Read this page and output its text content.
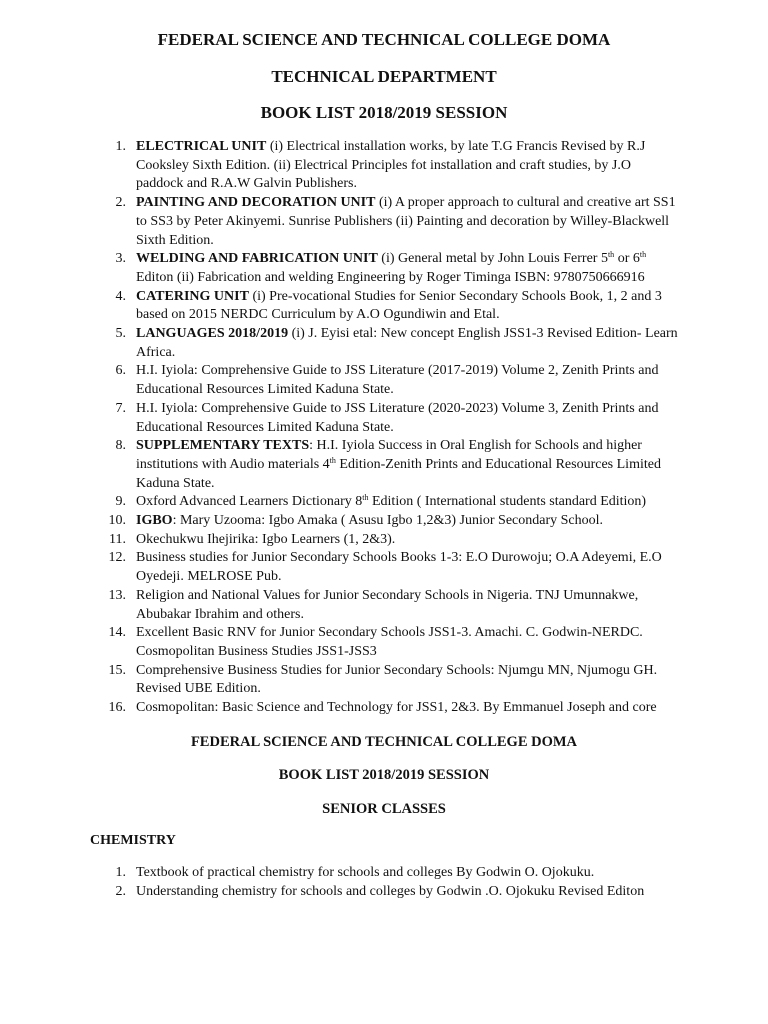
FEDERAL SCIENCE AND TECHNICAL COLLEGE DOMA
TECHNICAL DEPARTMENT
BOOK LIST 2018/2019 SESSION
1. ELECTRICAL UNIT (i) Electrical installation works, by late T.G Francis Revised by R.J Cooksley Sixth Edition. (ii) Electrical Principles fot installation and craft studies, by J.O paddock and R.A.W Galvin Publishers.
2. PAINTING AND DECORATION UNIT (i) A proper approach to cultural and creative art SS1 to SS3 by Peter Akinyemi. Sunrise Publishers (ii) Painting and decoration by Willey-Blackwell Sixth Edition.
3. WELDING AND FABRICATION UNIT (i) General metal by John Louis Ferrer 5th or 6th Editon (ii) Fabrication and welding Engineering by Roger Timinga ISBN: 9780750666916
4. CATERING UNIT (i) Pre-vocational Studies for Senior Secondary Schools Book, 1, 2 and 3 based on 2015 NERDC Curriculum by A.O Ogundiwin and Etal.
5. LANGUAGES 2018/2019 (i) J. Eyisi etal: New concept English JSS1-3 Revised Edition- Learn Africa.
6. H.I. Iyiola: Comprehensive Guide to JSS Literature (2017-2019) Volume 2, Zenith Prints and Educational Resources Limited Kaduna State.
7. H.I. Iyiola: Comprehensive Guide to JSS Literature (2020-2023) Volume 3, Zenith Prints and Educational Resources Limited Kaduna State.
8. SUPPLEMENTARY TEXTS: H.I. Iyiola Success in Oral English for Schools and higher institutions with Audio materials 4th Edition-Zenith Prints and Educational Resources Limited Kaduna State.
9. Oxford Advanced Learners Dictionary 8th Edition ( International students standard Edition)
10. IGBO: Mary Uzooma: Igbo Amaka ( Asusu Igbo 1,2&3) Junior Secondary School.
11. Okechukwu Ihejirika: Igbo Learners (1, 2&3).
12. Business studies for Junior Secondary Schools Books 1-3: E.O Durowoju; O.A Adeyemi, E.O Oyedeji. MELROSE Pub.
13. Religion and National Values for Junior Secondary Schools in Nigeria. TNJ Umunnakwe, Abubakar Ibrahim and others.
14. Excellent Basic RNV for Junior Secondary Schools JSS1-3. Amachi. C. Godwin-NERDC. Cosmopolitan Business Studies JSS1-JSS3
15. Comprehensive Business Studies for Junior Secondary Schools: Njumgu MN, Njumogu GH. Revised UBE Edition.
16. Cosmopolitan: Basic Science and Technology for JSS1, 2&3. By Emmanuel Joseph and core
FEDERAL SCIENCE AND TECHNICAL COLLEGE DOMA
BOOK LIST 2018/2019 SESSION
SENIOR CLASSES
CHEMISTRY
1. Textbook of practical chemistry for schools and colleges By Godwin O. Ojokuku.
2. Understanding chemistry for schools and colleges by Godwin .O. Ojokuku Revised Editon
